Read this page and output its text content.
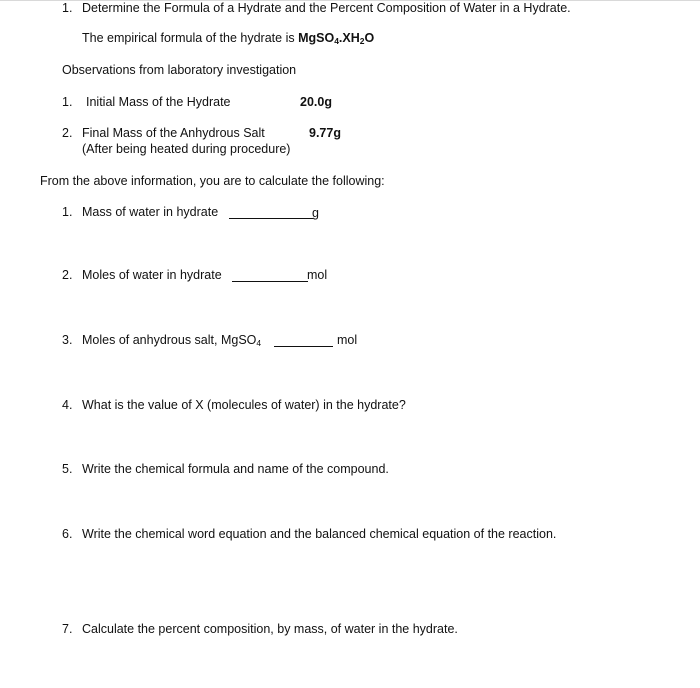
1. Determine the Formula of a Hydrate and the Percent Composition of Water in a Hydrate.
The empirical formula of the hydrate is $MgSO_4.XH_2O$
Observations from laboratory investigation
1. Initial Mass of the Hydrate	20.0g
2. Final Mass of the Anhydrous Salt	9.77g
(After being heated during procedure)
From the above information, you are to calculate the following:
1. Mass of water in hydrate	g
2. Moles of water in hydrate	mol
3. Moles of anhydrous salt, MgSO$_4$	mol
4. What is the value of X (molecules of water) in the hydrate?
5. Write the chemical formula and name of the compound.
6. Write the chemical word equation and the balanced chemical equation of the reaction.
7. Calculate the percent composition, by mass, of water in the hydrate.
